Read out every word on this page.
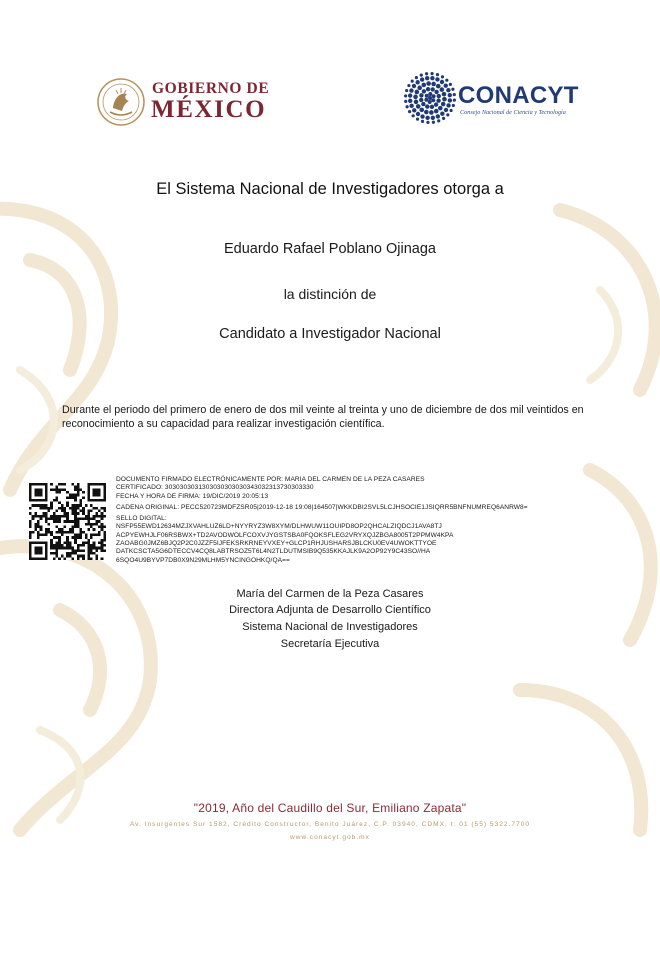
GOBIERNO DE
MÉXICO
CONACYT
Consejo Nacional de Ciencia y Tecnología
El Sistema Nacional de Investigadores otorga a
Eduardo Rafael Poblano Ojinaga
la distinción de
Candidato a Investigador Nacional
Durante el periodo del primero de enero de dos mil veinte al treinta y uno de diciembre de dos mil veintidos en reconocimiento a su capacidad para realizar investigación científica.
DOCUMENTO FIRMADO ELECTRÓNICAMENTE POR: MARIA DEL CARMEN DE LA PEZA CASARES
CERTIFICADO: 3030303031303030303030343032313730303330
FECHA Y HORA DE FIRMA: 19/DIC/2019 20:05:13
CADENA ORIGINAL: PECC520723MDFZSR05|2019-12-18 19:08|164507|WKKDBI2SVL5LCJHSOCIE1JSIQRR5BNFNUMREQ6ANRW8=
SELLO DIGITAL:
NSFP55EWD12634MZJXVAHLUZ6LD+NYYRYZ3W8XYM/DLHWUW11OUIPD8OP2QHCALZIQDCJ1AVA8TJ
ACPYEWHJLF06RSBWX+TD2AVODWOLFCOXVJYGSTSBA0FQOKSFLEG2VRYXQJZBGA8005T2PPMW4KPA
ZAOABG0JMZ6BJQ2P2C0JZZF5IJFEKSRKRNEYVXEY+GLCP1RHJUSHARSJBLCKU0EV4UWOKTTYOE
DATKCSCTA5G6DTECCV4CQ8LABTRSOZ5T6L4N2TLDUTMSIB9Q535KKAJLK9A2OP92Y9C43SO//HA
6SQO4U9BYVP7DB0X9N29MLHM5YNCINGOHKQ/QA==
María del Carmen de la Peza Casares
Directora Adjunta de Desarrollo Científico
Sistema Nacional de Investigadores
Secretaría Ejecutiva
"2019, Año del Caudillo del Sur, Emiliano Zapata"
Av. Insurgentes Sur 1582, Crédito Constructor, Benito Juárez, C.P. 03940, CDMX, t: 01 (55) 5322.7700
www.conacyt.gob.mx
